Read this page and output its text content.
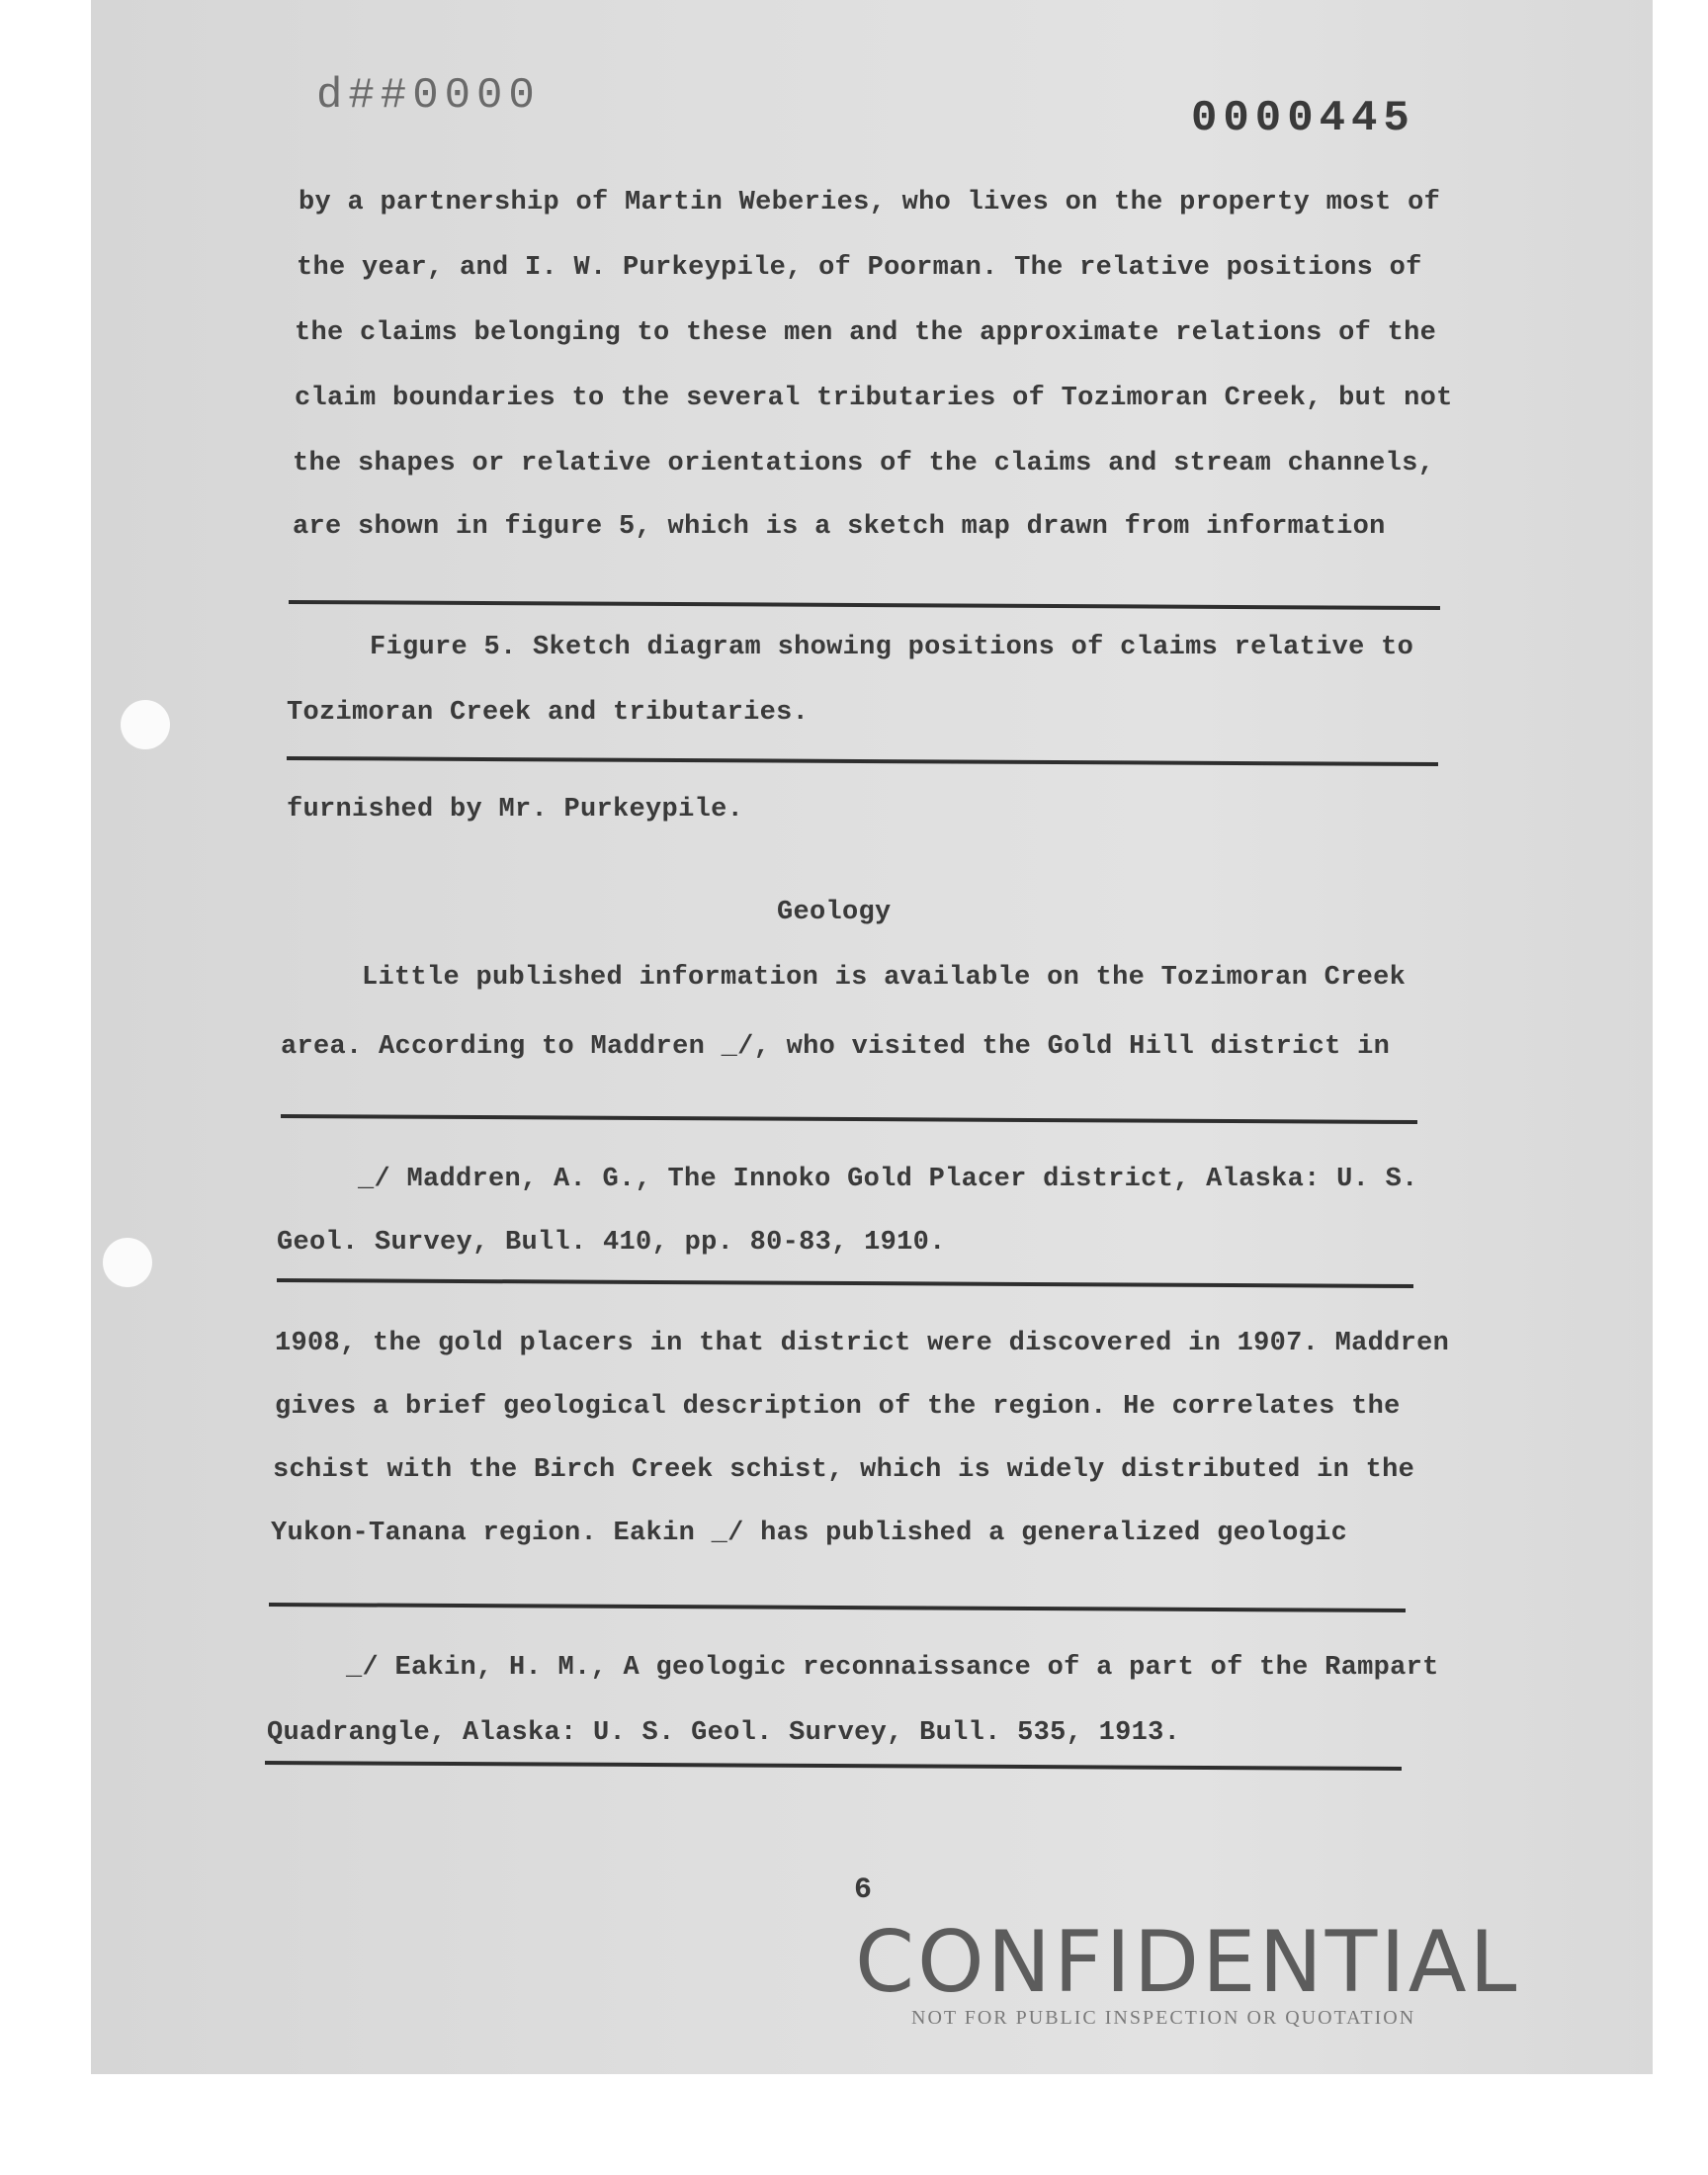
d##0000	0000445
by a partnership of Martin Weberies, who lives on the property most of
the year, and I. W. Purkeypile, of Poorman. The relative positions of
the claims belonging to these men and the approximate relations of the
claim boundaries to the several tributaries of Tozimoran Creek, but not
the shapes or relative orientations of the claims and stream channels,
are shown in figure 5, which is a sketch map drawn from information
Figure 5. Sketch diagram showing positions of claims relative to
Tozimoran Creek and tributaries.
furnished by Mr. Purkeypile.
Geology
Little published information is available on the Tozimoran Creek
area. According to Maddren _/, who visited the Gold Hill district in
_/ Maddren, A. G., The Innoko Gold Placer district, Alaska: U. S.
Geol. Survey, Bull. 410, pp. 80-83, 1910.
1908, the gold placers in that district were discovered in 1907. Maddren
gives a brief geological description of the region. He correlates the
schist with the Birch Creek schist, which is widely distributed in the
Yukon-Tanana region. Eakin _/ has published a generalized geologic
_/ Eakin, H. M., A geologic reconnaissance of a part of the Rampart
Quadrangle, Alaska: U. S. Geol. Survey, Bull. 535, 1913.
6
CONFIDENTIAL
NOT FOR PUBLIC INSPECTION OR QUOTATION
